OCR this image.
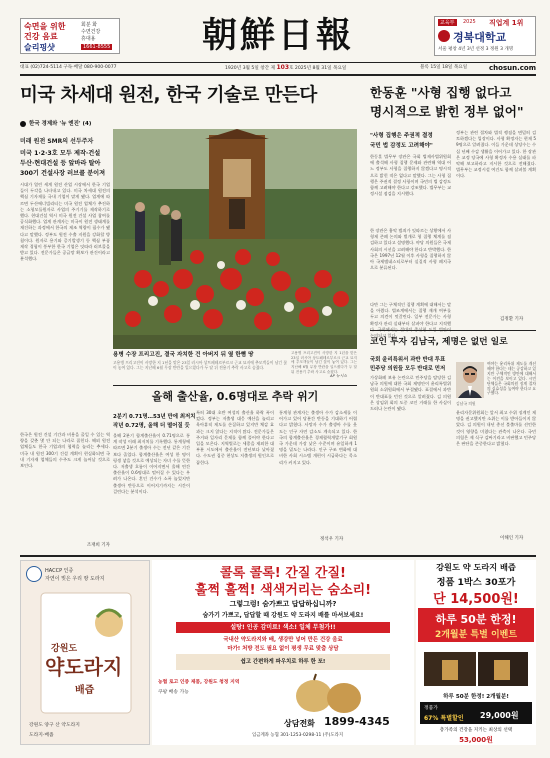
숙면을 위한
건강 음료
슬리핑샷
회분 화
수면건강
휴대용
1661-8555	朝鮮日報	교육부	2025 직업계 1위
경북대학교
서울 평창 4년 3년 선정 3 정원 3 개명
대표 (02)724-5114 구독·배달 080-900-0077	1920년 3월 5일 창간 제 103호 2025년 8월 31일 목요일	블록 15일 18일 목요일	chosun.com
미국 차세대 원전, 한국 기술로 만든다
한국 경제와 '뉴 엔진' (4)
미래 원전 SMR의 선두주자
미국 1·2·3호 모두 제작·건설
두산·현대건설 등 앞바라 탈아
300기 건설사장 러브콜 분이져
시대가 열린 세계 원전 산업 시장에서 한국 기업들이 두각을 나타내고 있다. 미국 차세대 원전의 핵심 기자재를 국내 기업이 맡게 됐다. 업계에 따르면 두산에너빌리티는 미국 원전 업체가 추진하는 소형모듈원자로 사업의 주기기를 제작하기로 했다. 현대건설 역시 미국 원전 건설 사업 참여를 공식화했다. 업계 관계자는 미국이 원전 생태계를 재건하는 과정에서 한국의 제조 역량이 필수가 됐다고 말했다. 정부도 원전 수출 지원을 강화할 방침이다. 원자로 용기와 증기발생기 등 핵심 부품 제작 경험이 풍부한 한국 기업은 잇따라 러브콜을 받고 있다. 전문가들은 공급망 확보가 관건이라고 분석했다.
한국은 원전 건설 기간과 비용을 줄일 수 있는 역량을 갖춘 몇 안 되는 나라로 꼽힌다. 해외 원전 업체들도 한국 기업과의 협력을 늘리는 추세다. 미국 내 원전 300기 건설 계획이 현실화되면 국내 기자재 업체들의 수주도 크게 늘어날 것으로 보인다.
조재희 기자
용병 수장 프리고진, 결국 자치한 건 아버지 뒤 옆 한뼘 땅
고용병 프리고진이 사망한 지 1년을 맞은 23일 러시아 상트페테르부르크 근교 묘지에 추모객들이 남긴 꽃이 놓여 있다. 그는 지난해 6월 무장 반란을 일으켰다가 두 달 뒤 전용기 추락 사고로 숨졌다.
고용병 프리고진이 사망한 지 1년을 맞은 23일 러시아 상트페테르부르크 근교 묘지에 추모객들이 남긴 꽃이 놓여 있다. 그는 지난해 6월 무장 반란을 일으켰다가 두 달 뒤 전용기 추락 사고로 숨졌다.
AP 뉴시스
올해 출산율, 0.6명대로 추락 위기
2분기 0.71명…53년 만에 최저치
작년 0.72명, 올해 더 떨어질 듯
올해 2분기 합계출산율이 0.71명으로 통계 작성 이래 최저치를 기록했다. 통계청에 따르면 2분기 출생아 수는 전년 같은 기간보다 줄었다. 합계출산율은 여성 한 명이 평생 낳을 것으로 예상되는 자녀 수를 뜻한다. 저출생 흐름이 이어지면서 올해 연간 출산율이 0.6명대로 떨어질 수 있다는 우려가 나온다. 혼인 건수가 소폭 늘었지만 출생아 반등으로 이어지기까지는 시간이 걸린다는 분석이다.
특히 30대 초반 여성의 출산율 하락 폭이 컸다. 정부는 저출생 대응 예산을 늘리고 육아휴직 제도를 손질하고 있지만 체감 효과는 크지 않다는 지적이 많다. 전문가들은 주거와 일자리 문제를 함께 풀어야 한다고 입을 모은다. 지역별로는 세종을 제외한 대부분 시도에서 출산율이 전년보다 낮아졌다. 수도권 집중 현상도 저출생의 원인으로 꼽힌다.
통계청 관계자는 출생아 수가 감소세를 이어가고 있어 당분간 반등을 기대하기 어렵다고 밝혔다. 사망자 수가 출생아 수를 웃도는 인구 자연 감소도 계속되고 있다. 한국의 합계출산율은 경제협력개발기구 회원국 가운데 가장 낮은 수준이며 유일하게 1명을 밑도는 나라다. 인구 구조 변화에 대비한 사회 시스템 개편이 시급하다는 목소리가 커지고 있다.
정석우 기자
한동훈 "사형 집행 없다고
명시적으로 밝힌 정부 없어"
"사형 집행은 주권적 결정
국민 법 감정도 고려해야"
한동훈 법무부 장관은 국회 법제사법위원회에 출석해 사형 집행 문제와 관련해 역대 어느 정부도 사형을 집행하지 않겠다고 명시적으로 밝힌 적은 없다고 말했다. 그는 사형 집행은 주권적 결정 사항이며 국민의 법 감정도 함께 고려해야 한다고 강조했다. 법무부는 교정시설 점검을 지시했다.
한 장관은 흉악 범죄가 잇따르는 상황에서 사형제 존폐 논의와 별개로 형 집행 체계를 점검하고 있다고 설명했다. 야당 의원들은 국제 사회의 시선을 고려해야 한다고 반박했다. 한국은 1997년 12월 이후 사형을 집행하지 않아 국제앰네스티로부터 실질적 사형 폐지국으로 분류된다.
다만 그는 구체적인 집행 계획에 대해서는 말을 아꼈다. 법조계에서는 집행 재개 여부를 두고 의견이 엇갈린다. 일부 전문가는 사형 확정자 관리 실태부터 살펴야 한다고 지적했 논의되고 있다.
정부는 관련 절차와 법적 쟁점을 면밀히 검토하겠다는 입장이다. 사형 확정자는 현재 59명으로 알려졌다. 이들 가운데 상당수는 수십 년째 수감 생활을 이어가고 있다. 한 장관은 교정 당국에 사형 확정자 수용 실태를 파악해 보고하라고 지시한 것으로 전해졌다. 법무부는 교정시설 여건도 함께 살펴볼 계획이다.
김정환 기자
코인 투자 김남국, 제명은 없던 일로
국회 윤리특위서 과반 반대 투표
민주당 의원들 모두 반대로 먼저
가상화폐 보유 논란으로 민주당을 탈당한 김남국 의원에 대한 국회 제명안이 윤리특별위원회 소위원회에서 부결됐다. 표결에서 과반이 반대표를 던진 것으로 알려졌다. 김 의원은 상임위 회의 도중 코인 거래를 한 사실이 드러나 논란이 됐다.
여야는 윤리특위 제도를 개선해야 한다는 데는 공감하고 있지만 구체적인 방안에 대해서는 이견을 보이고 있다. 시민단체들은 국회의원 징계 절차의 실효성을 높여야 한다고 요구했다.
김남국 의원
윤리자문위원회는 앞서 최고 수위 징계인 제명을 권고했지만 소위는 이를 받아들이지 않았다. 김 의원이 내년 총선 불출마를 선언한 것이 영향을 미쳤다는 관측이 나온다. 국민의힘은 제 식구 감싸기라고 비판했고 민주당은 판단을 존중한다고 밝혔다.
이해인 기자
HACCP 인증
자연이 빚은 우리 땅 도라지
강원도
약도라지
배즙
강원도 양구 산 약도라지
도라지·배즙
콜록 콜록! 간질 간질!
훌쩍 훌쩍! 색색거리는 숨소리!
그렇그렁! 숨가쁘고 답답하십니까?
숨가기 가쁘고, 답답할 때 강원도 약 도라지 배를 마셔보세요!
설탕! 인공 감미료! 색소! 일체 무첨가!!
국내산 약도라지와 배, 생강만 넣어 만든 건강 음료
마가! 처방 전도 필요 없이 평생 무료 맞춤 상담
쉽고 간편하게 파우치로 하루 한 포!
농협 로고 인증 제품, 강원도 청정 지역
쿠팡 배송 가능
상담전화 1899-4345
입금계좌 농협 301-1253-0298-11 (주)도라지
강원도 약 도라지 배즙
정품 1박스 30포가
단 14,500원!
하루 50분 한정!
2개월분 특별 이벤트
하루 50분 한정! 2개월분!
정품가
67% 특별할인 29,000원
총가족의 건강을 지키는 최상의 선택
53,000원
